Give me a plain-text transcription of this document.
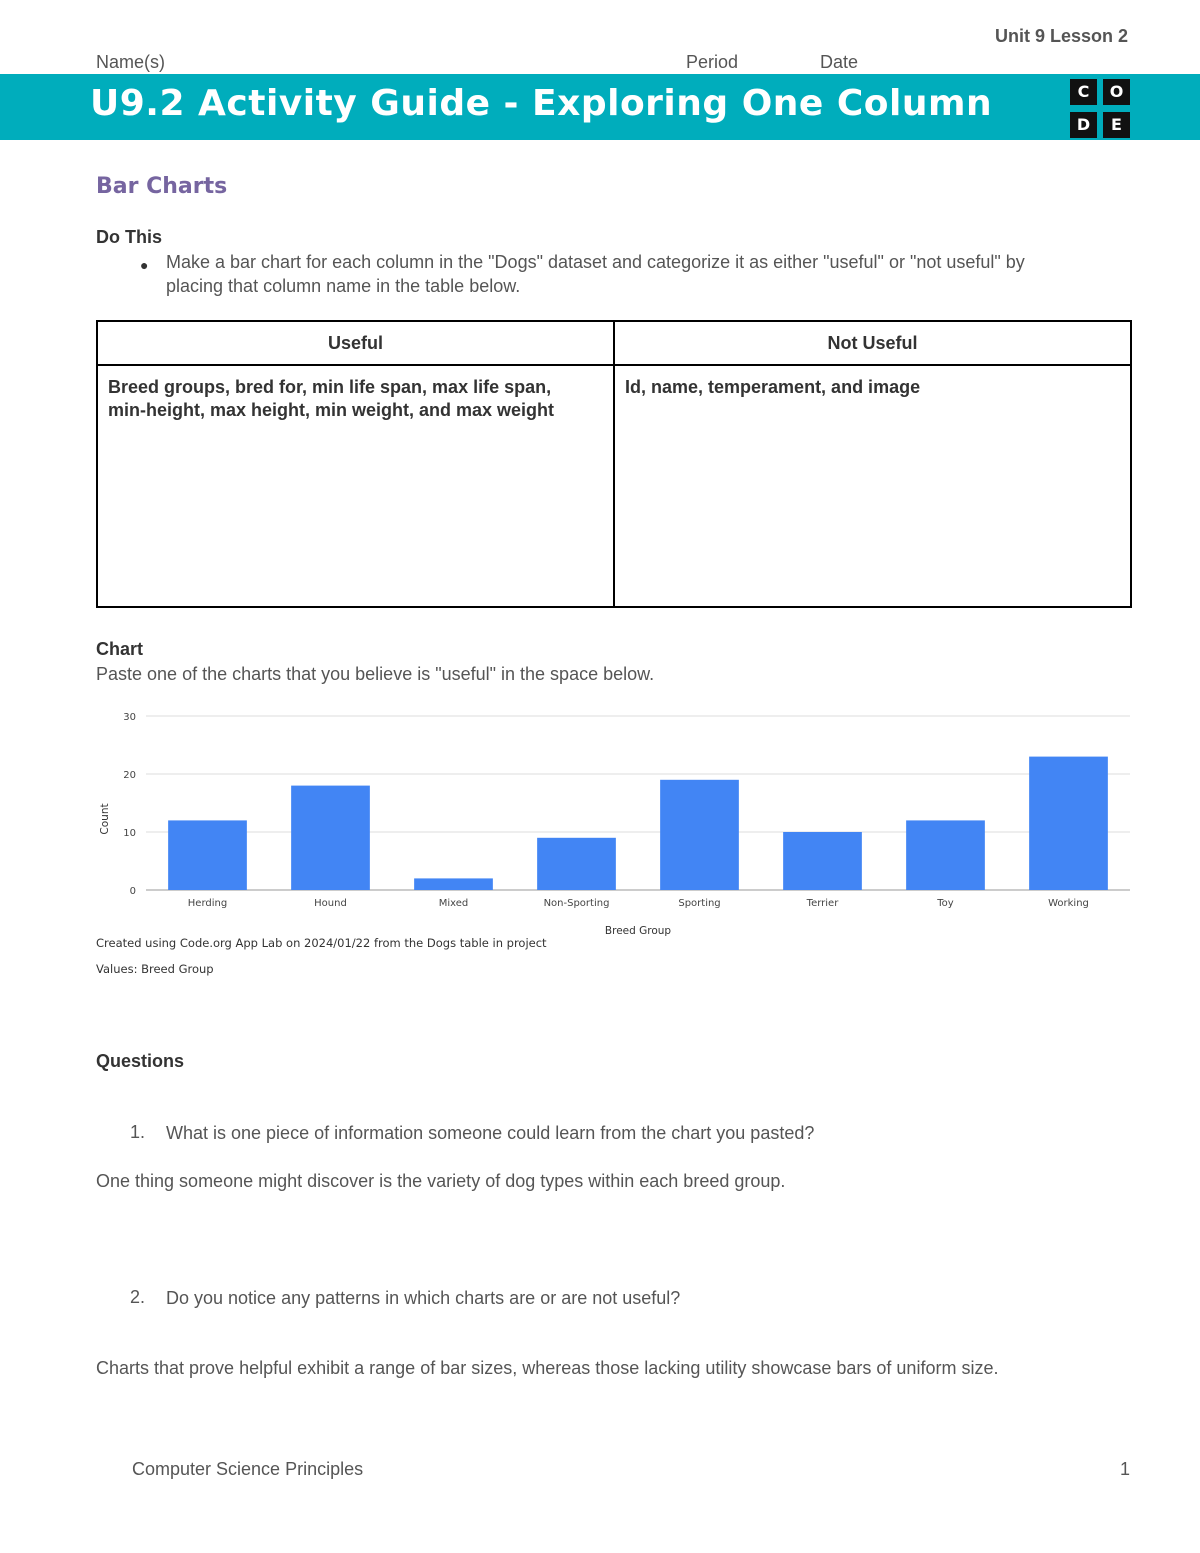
Unit 9 Lesson 2
Name(s)	Period	Date
U9.2 Activity Guide - Exploring One Column	C	O
D	E
Bar Charts
Do This
● Make a bar chart for each column in the "Dogs" dataset and categorize it as either "useful" or "not useful" by
placing that column name in the table below.
Useful	Not Useful

Breed groups, bred for, min life span, max life span,
min-height, max height, min weight, and max weight	Id, name, temperament, and image
Chart
Paste one of the charts that you believe is "useful" in the space below.
0
10
20
30
Herding	Hound	Mixed	Non-Sporting	Sporting	Terrier	Toy	Working
Breed Group
Count
Created using Code.org App Lab on 2024/01/22 from the Dogs table in project
Values: Breed Group
Questions
1. What is one piece of information someone could learn from the chart you pasted?
One thing someone might discover is the variety of dog types within each breed group.
2. Do you notice any patterns in which charts are or are not useful?
Charts that prove helpful exhibit a range of bar sizes, whereas those lacking utility showcase bars of uniform size.
Computer Science Principles	1
